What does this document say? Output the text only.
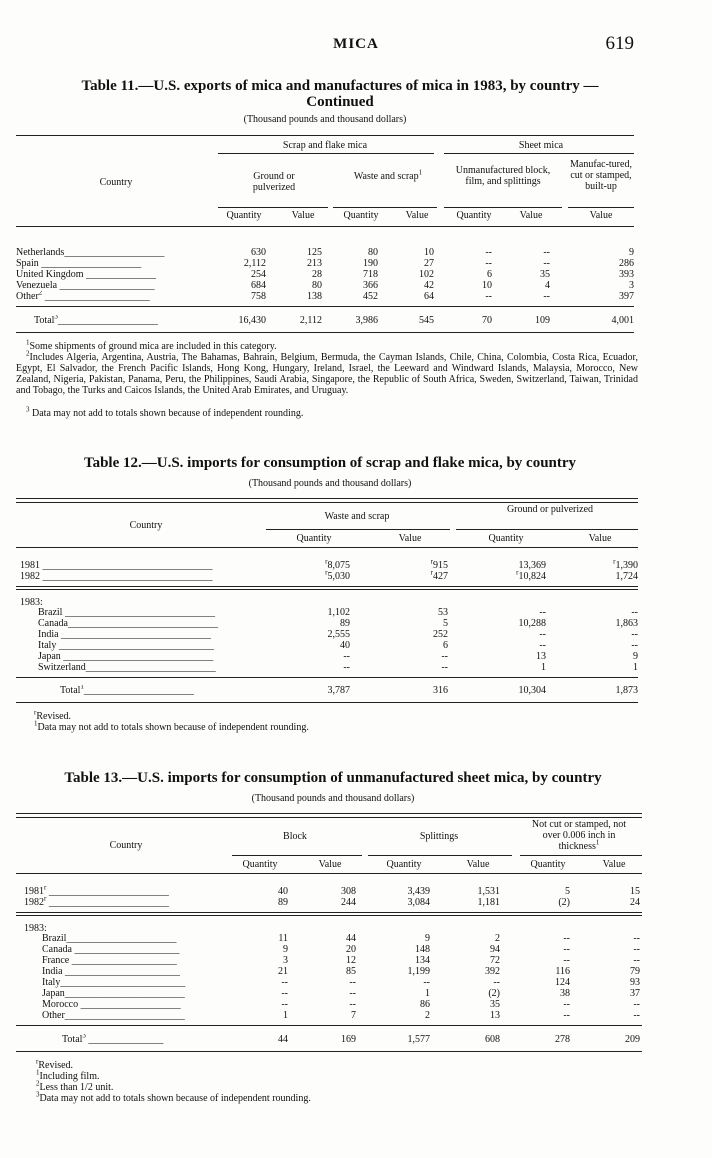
MICA	619
Table 11.—U.S. exports of mica and manufactures of mica in 1983, by country —Continued
(Thousand pounds and thousand dollars)
Scrap and flake mica	Sheet mica
Country
Ground or pulverized
Waste and scrap$^1$	Unmanufactured block, film, and splittings
Manufac-tured, cut or stamped, built-up
Quantity	Value	Quantity	Value	Quantity	Value	Value
Netherlands____________________	630	125	80	10	--	--	9
Spain ____________________	2,112	213	190	27	--	--	286
United Kingdom ______________	254	28	718	102	6	35	393
Venezuela ___________________	684	80	366	42	10	4	3
Other$^2$ _____________________	758	138	452	64	--	--	397
Total$^3$____________________	16,430	2,112	3,986	545	70	109	4,001
$^1$Some shipments of ground mica are included in this category.
$^2$Includes Algeria, Argentina, Austria, The Bahamas, Bahrain, Belgium, Bermuda, the Cayman Islands, Chile, China, Colombia, Costa Rica, Ecuador, Egypt, El Salvador, the French Pacific Islands, Hong Kong, Hungary, Ireland, Israel, the Leeward and Windward Islands, Malaysia, Morocco, New Zealand, Nigeria, Pakistan, Panama, Peru, the Philippines, Saudi Arabia, Singapore, the Republic of South Africa, Sweden, Switzerland, Taiwan, Trinidad and Tobago, the Turks and Caicos Islands, the United Arab Emirates, and Uruguay.
$^3$ Data may not add to totals shown because of independent rounding.
Table 12.—U.S. imports for consumption of scrap and flake mica, by country
(Thousand pounds and thousand dollars)
Country
Waste and scrap
Ground or pulverized
Quantity	Value	Quantity	Value
1981 __________________________________	$^r$8,075	$^r$915	13,369	$^r$1,390
1982 __________________________________	$^r$5,030	$^r$427	$^r$10,824	1,724
1983:
Brazil ______________________________	1,102	53	--	--
Canada______________________________	89	5	10,288	1,863
India ______________________________	2,555	252	--	--
Italy _______________________________	40	6	--	--
Japan ______________________________	--	--	13	9
Switzerland__________________________	--	--	1	1
Total$^1$______________________	3,787	316	10,304	1,873
$^r$Revised.
$^1$Data may not add to totals shown because of independent rounding.
Table 13.—U.S. imports for consumption of unmanufactured sheet mica, by country
(Thousand pounds and thousand dollars)
Country
Block	Splittings
Not cut or stamped, not over 0.006 inch in thickness$^1$
Quantity	Value	Quantity	Value	Quantity	Value
1981$^r$ ________________________	40	308	3,439	1,531	5	15
1982$^r$ ________________________	89	244	3,084	1,181	(2)	24
1983:
Brazil______________________	11	44	9	2	--	--
Canada _____________________	9	20	148	94	--	--
France _____________________	3	12	134	72	--	--
India _______________________	21	85	1,199	392	116	79
Italy_________________________	--	--	--	--	124	93
Japan________________________	--	--	1	(2)	38	37
Morocco ____________________	--	--	86	35	--	--
Other________________________	1	7	2	13	--	--
Total$^3$ _______________	44	169	1,577	608	278	209
$^r$Revised.
$^1$Including film.
$^2$Less than 1/2 unit.
$^3$Data may not add to totals shown because of independent rounding.
